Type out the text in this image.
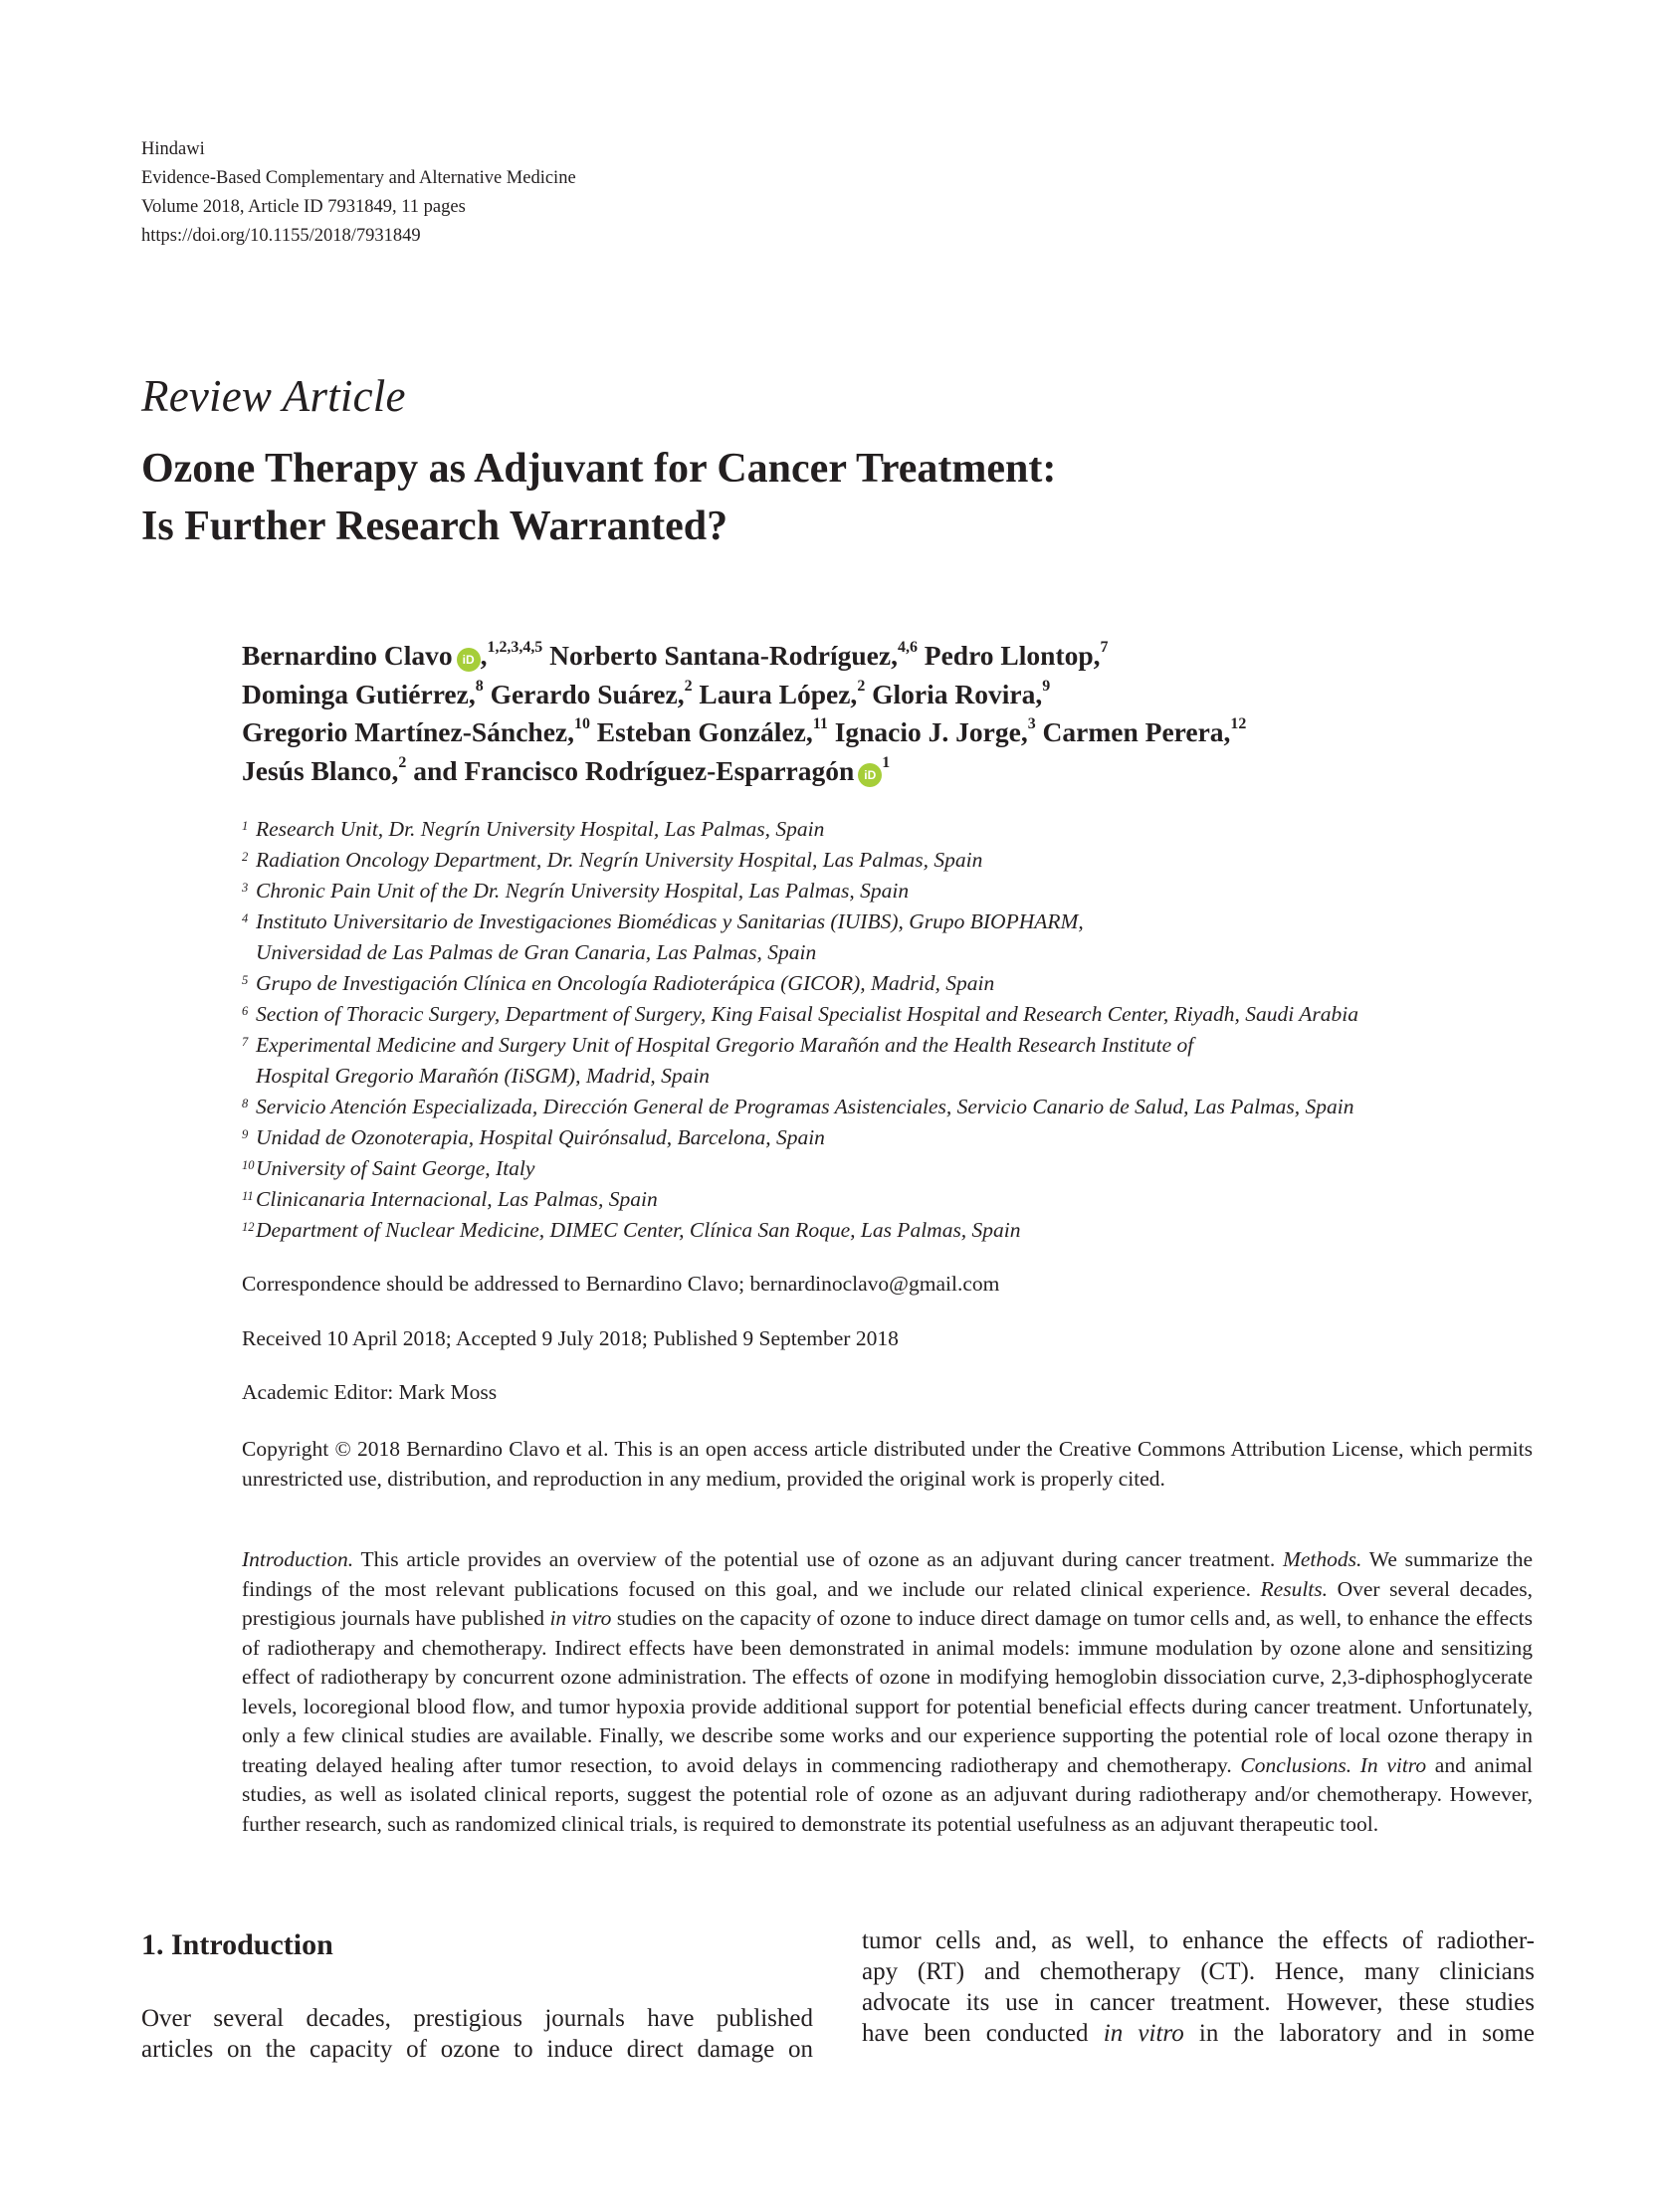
Hindawi
Evidence-Based Complementary and Alternative Medicine
Volume 2018, Article ID 7931849, 11 pages
https://doi.org/10.1155/2018/7931849
Review Article
Ozone Therapy as Adjuvant for Cancer Treatment:
Is Further Research Warranted?
Bernardino Clavo iD ,$^{1,2,3,4,5}$ Norberto Santana-Rodríguez,$^{4,6}$ Pedro Llontop,$^7$
Dominga Gutiérrez,$^8$ Gerardo Suárez,$^2$ Laura López,$^2$ Gloria Rovira,$^9$
Gregorio Martínez-Sánchez,$^{10}$ Esteban González,$^{11}$ Ignacio J. Jorge,$^3$ Carmen Perera,$^{12}$
Jesús Blanco,$^2$ and Francisco Rodríguez-Esparragón $iD^1$
1 Research Unit, Dr. Negrín University Hospital, Las Palmas, Spain
2 Radiation Oncology Department, Dr. Negrín University Hospital, Las Palmas, Spain
3 Chronic Pain Unit of the Dr. Negrín University Hospital, Las Palmas, Spain
4 Instituto Universitario de Investigaciones Biomédicas y Sanitarias (IUIBS), Grupo BIOPHARM,
Universidad de Las Palmas de Gran Canaria, Las Palmas, Spain
5 Grupo de Investigación Clínica en Oncología Radioterápica (GICOR), Madrid, Spain
6 Section of Thoracic Surgery, Department of Surgery, King Faisal Specialist Hospital and Research Center, Riyadh, Saudi Arabia
7 Experimental Medicine and Surgery Unit of Hospital Gregorio Marañón and the Health Research Institute of
Hospital Gregorio Marañón (IiSGM), Madrid, Spain
8 Servicio Atención Especializada, Dirección General de Programas Asistenciales, Servicio Canario de Salud, Las Palmas, Spain
9 Unidad de Ozonoterapia, Hospital Quirónsalud, Barcelona, Spain
10 University of Saint George, Italy
11 Clinicanaria Internacional, Las Palmas, Spain
12 Department of Nuclear Medicine, DIMEC Center, Clínica San Roque, Las Palmas, Spain
Correspondence should be addressed to Bernardino Clavo; bernardinoclavo@gmail.com
Received 10 April 2018; Accepted 9 July 2018; Published 9 September 2018
Academic Editor: Mark Moss
Copyright © 2018 Bernardino Clavo et al. This is an open access article distributed under the Creative Commons Attribution License, which permits unrestricted use, distribution, and reproduction in any medium, provided the original work is properly cited.
Introduction. This article provides an overview of the potential use of ozone as an adjuvant during cancer treatment. Methods. We summarize the findings of the most relevant publications focused on this goal, and we include our related clinical experience. Results. Over several decades, prestigious journals have published in vitro studies on the capacity of ozone to induce direct damage on tumor cells and, as well, to enhance the effects of radiotherapy and chemotherapy. Indirect effects have been demonstrated in animal models: immune modulation by ozone alone and sensitizing effect of radiotherapy by concurrent ozone administration. The effects of ozone in modifying hemoglobin dissociation curve, 2,3-diphosphoglycerate levels, locoregional blood flow, and tumor hypoxia provide additional support for potential beneficial effects during cancer treatment. Unfortunately, only a few clinical studies are available. Finally, we describe some works and our experience supporting the potential role of local ozone therapy in treating delayed healing after tumor resection, to avoid delays in commencing radiotherapy and chemotherapy. Conclusions. In vitro and animal studies, as well as isolated clinical reports, suggest the potential role of ozone as an adjuvant during radiotherapy and/or chemotherapy. However, further research, such as randomized clinical trials, is required to demonstrate its potential usefulness as an adjuvant therapeutic tool.
1. Introduction
Over several decades, prestigious journals have published
articles on the capacity of ozone to induce direct damage on
tumor cells and, as well, to enhance the effects of radiother-
apy (RT) and chemotherapy (CT). Hence, many clinicians
advocate its use in cancer treatment. However, these studies
have been conducted in vitro in the laboratory and in some
